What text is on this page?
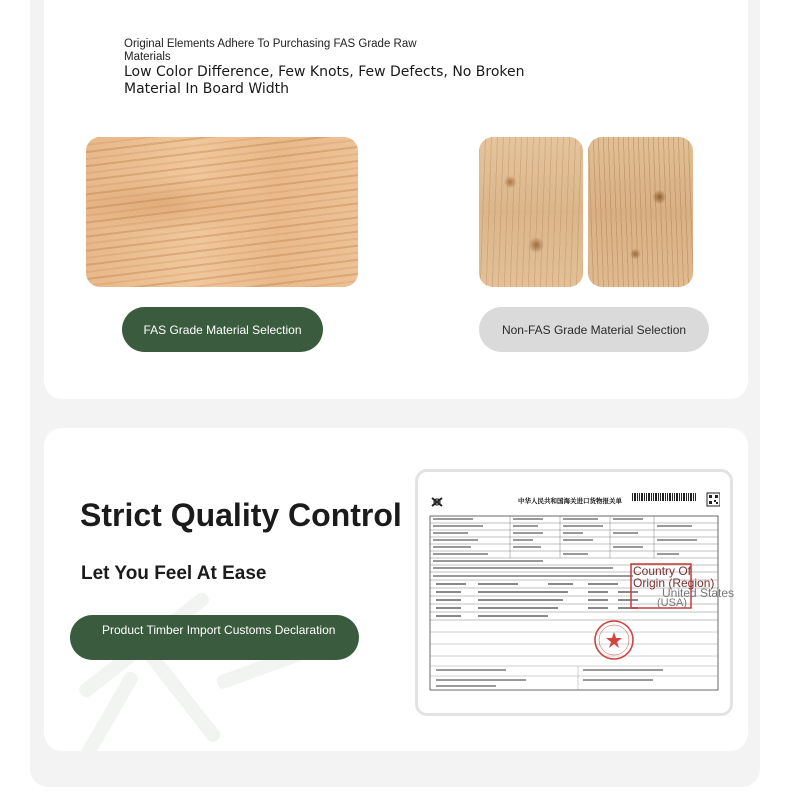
Original Elements Adhere To Purchasing FAS Grade Raw Materials
Low Color Difference, Few Knots, Few Defects, No Broken Material In Board Width
FAS Grade Material Selection	Non-FAS Grade Material Selection
Strict Quality Control
Let You Feel At Ease
Product Timber Import Customs Declaration
中华人民共和国海关进口货物报关单
Country Of Origin (Region)
United States
(USA)
